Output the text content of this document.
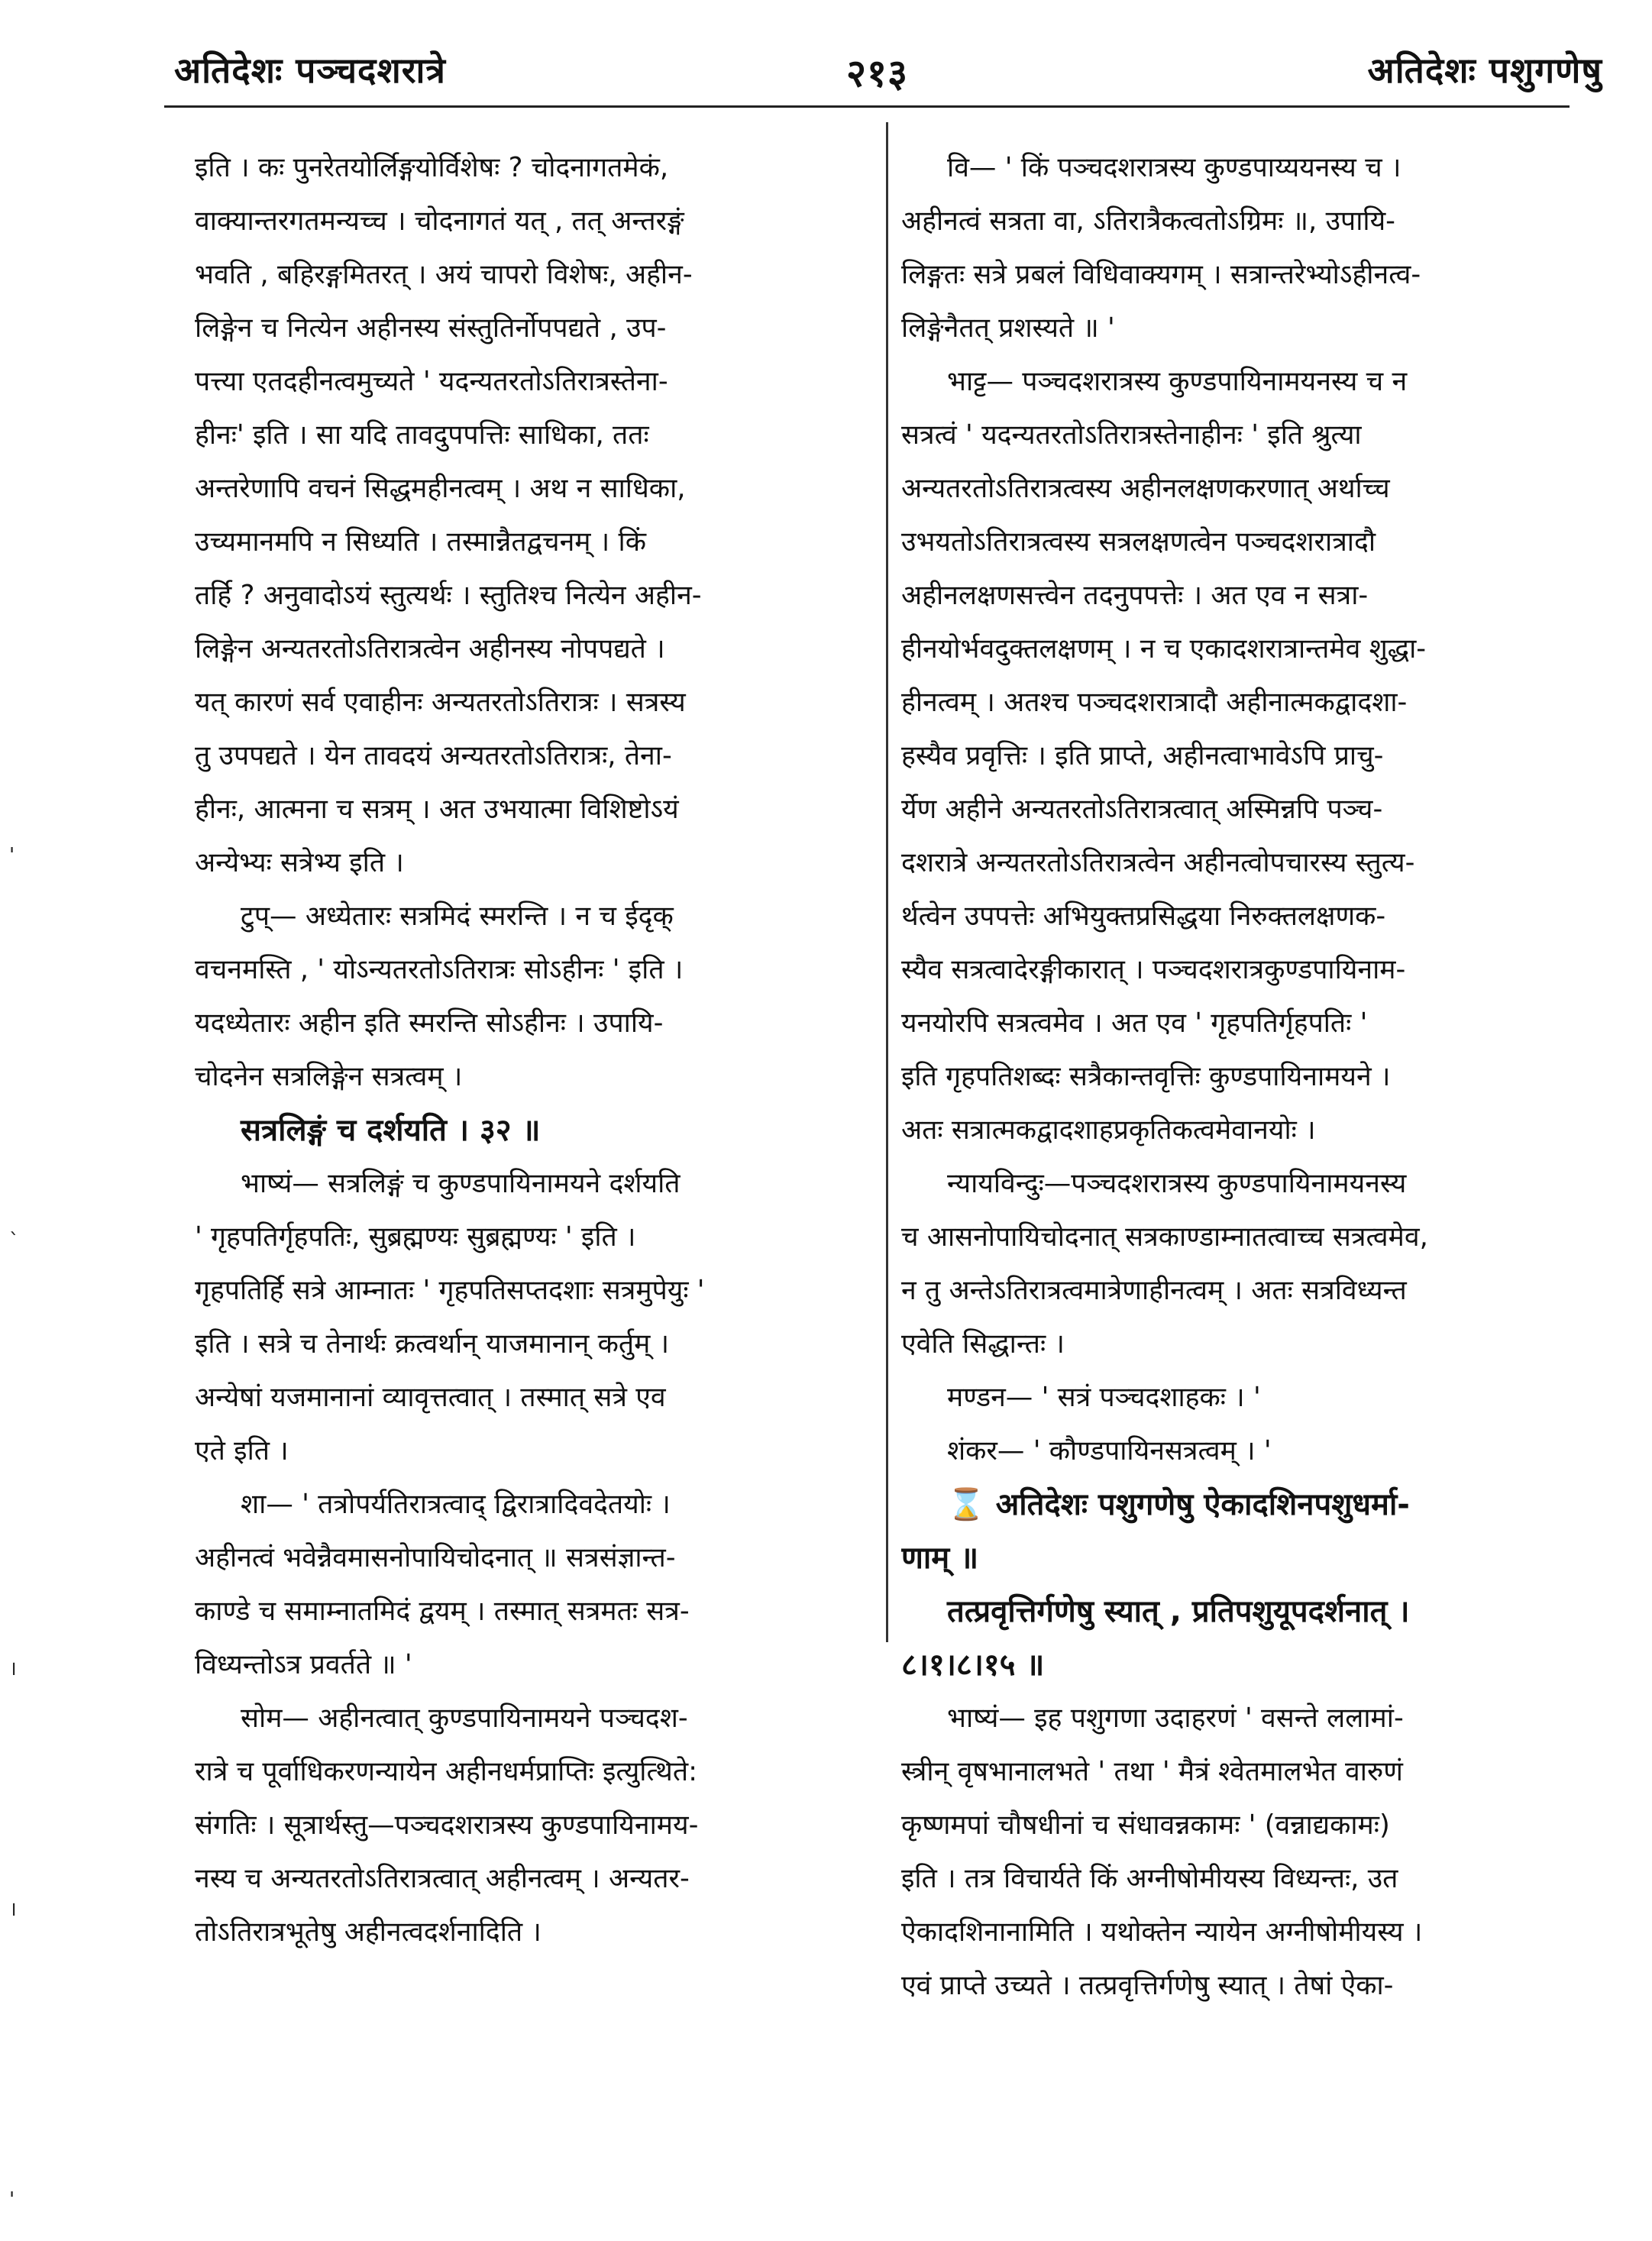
अतिदेशः पञ्चदशरात्रे	२१३	अतिदेशः पशुगणेषु
इति । कः पुनरेतयोर्लिङ्गयोर्विशेषः ? चोदनागतमेकं,
वाक्यान्तरगतमन्यच्च । चोदनागतं यत् , तत् अन्तरङ्गं
भवति , बहिरङ्गमितरत् । अयं चापरो विशेषः, अहीन-
लिङ्गेन च नित्येन अहीनस्य संस्तुतिर्नोपपद्यते , उप-
पत्त्या एतदहीनत्वमुच्यते ' यदन्यतरतोऽतिरात्रस्तेना-
हीनः' इति । सा यदि तावदुपपत्तिः साधिका, ततः
अन्तरेणापि वचनं सिद्धमहीनत्वम् । अथ न साधिका,
उच्यमानमपि न सिध्यति । तस्मान्नैतद्वचनम् । किं
तर्हि ? अनुवादोऽयं स्तुत्यर्थः । स्तुतिश्च नित्येन अहीन-
लिङ्गेन अन्यतरतोऽतिरात्रत्वेन अहीनस्य नोपपद्यते ।
यत् कारणं सर्व एवाहीनः अन्यतरतोऽतिरात्रः । सत्रस्य
तु उपपद्यते । येन तावदयं अन्यतरतोऽतिरात्रः, तेना-
हीनः, आत्मना च सत्रम् । अत उभयात्मा विशिष्टोऽयं
अन्येभ्यः सत्रेभ्य इति ।
टुप्— अध्येतारः सत्रमिदं स्मरन्ति । न च ईदृक्
वचनमस्ति , ' योऽन्यतरतोऽतिरात्रः सोऽहीनः ' इति ।
यदध्येतारः अहीन इति स्मरन्ति सोऽहीनः । उपायि-
चोदनेन सत्रलिङ्गेन सत्रत्वम् ।
सत्रलिङ्गं च दर्शयति । ३२ ॥
भाष्यं— सत्रलिङ्गं च कुण्डपायिनामयने दर्शयति
' गृहपतिर्गृहपतिः, सुब्रह्मण्यः सुब्रह्मण्यः ' इति ।
गृहपतिर्हि सत्रे आम्नातः ' गृहपतिसप्तदशाः सत्रमुपेयुः '
इति । सत्रे च तेनार्थः क्रत्वर्थान् याजमानान् कर्तुम् ।
अन्येषां यजमानानां व्यावृत्तत्वात् । तस्मात् सत्रे एव
एते इति ।
शा— ' तत्रोपर्यतिरात्रत्वाद् द्विरात्रादिवदेतयोः ।
अहीनत्वं भवेन्नैवमासनोपायिचोदनात् ॥ सत्रसंज्ञान्त-
काण्डे च समाम्नातमिदं द्वयम् । तस्मात् सत्रमतः सत्र-
विध्यन्तोऽत्र प्रवर्तते ॥ '
सोम— अहीनत्वात् कुण्डपायिनामयने पञ्चदश-
रात्रे च पूर्वाधिकरणन्यायेन अहीनधर्मप्राप्तिः इत्युत्थिते:
संगतिः । सूत्रार्थस्तु—पञ्चदशरात्रस्य कुण्डपायिनामय-
नस्य च अन्यतरतोऽतिरात्रत्वात् अहीनत्वम् । अन्यतर-
तोऽतिरात्रभूतेषु अहीनत्वदर्शनादिति ।
वि— ' किं पञ्चदशरात्रस्य कुण्डपाय्ययनस्य च ।
अहीनत्वं सत्रता वा, ऽतिरात्रैकत्वतोऽग्रिमः ॥, उपायि-
लिङ्गतः सत्रे प्रबलं विधिवाक्यगम् । सत्रान्तरेभ्योऽहीनत्व-
लिङ्गेनैतत् प्रशस्यते ॥ '
भाट्ट— पञ्चदशरात्रस्य कुण्डपायिनामयनस्य च न
सत्रत्वं ' यदन्यतरतोऽतिरात्रस्तेनाहीनः ' इति श्रुत्या
अन्यतरतोऽतिरात्रत्वस्य अहीनलक्षणकरणात् अर्थाच्च
उभयतोऽतिरात्रत्वस्य सत्रलक्षणत्वेन पञ्चदशरात्रादौ
अहीनलक्षणसत्त्वेन तदनुपपत्तेः । अत एव न सत्रा-
हीनयोर्भवदुक्तलक्षणम् । न च एकादशरात्रान्तमेव शुद्धा-
हीनत्वम् । अतश्च पञ्चदशरात्रादौ अहीनात्मकद्वादशा-
हस्यैव प्रवृत्तिः । इति प्राप्ते, अहीनत्वाभावेऽपि प्राचु-
र्येण अहीने अन्यतरतोऽतिरात्रत्वात् अस्मिन्नपि पञ्च-
दशरात्रे अन्यतरतोऽतिरात्रत्वेन अहीनत्वोपचारस्य स्तुत्य-
र्थत्वेन उपपत्तेः अभियुक्तप्रसिद्धया निरुक्तलक्षणक-
स्यैव सत्रत्वादेरङ्गीकारात् । पञ्चदशरात्रकुण्डपायिनाम-
यनयोरपि सत्रत्वमेव । अत एव ' गृहपतिर्गृहपतिः '
इति गृहपतिशब्दः सत्रैकान्तवृत्तिः कुण्डपायिनामयने ।
अतः सत्रात्मकद्वादशाहप्रकृतिकत्वमेवानयोः ।
न्यायविन्दुः—पञ्चदशरात्रस्य कुण्डपायिनामयनस्य
च आसनोपायिचोदनात् सत्रकाण्डाम्नातत्वाच्च सत्रत्वमेव,
न तु अन्तेऽतिरात्रत्वमात्रेणाहीनत्वम् । अतः सत्रविध्यन्त
एवेति सिद्धान्तः ।
मण्डन— ' सत्रं पञ्चदशाहकः । '
शंकर— ' कौण्डपायिनसत्रत्वम् । '
⌛ अतिदेशः पशुगणेषु ऐकादशिनपशुधर्मा-
णाम् ॥
तत्प्रवृत्तिर्गणेषु स्यात् , प्रतिपशुयूपदर्शनात् ।
८।१।८।१५ ॥
भाष्यं— इह पशुगणा उदाहरणं ' वसन्ते ललामां-
स्त्रीन् वृषभानालभते ' तथा ' मैत्रं श्वेतमालभेत वारुणं
कृष्णमपां चौषधीनां च संधावन्नकामः ' (वन्नाद्यकामः)
इति । तत्र विचार्यते किं अग्नीषोमीयस्य विध्यन्तः, उत
ऐकादशिनानामिति । यथोक्तेन न्यायेन अग्नीषोमीयस्य ।
एवं प्राप्ते उच्यते । तत्प्रवृत्तिर्गणेषु स्यात् । तेषां ऐका-
'
`
।
।
'
